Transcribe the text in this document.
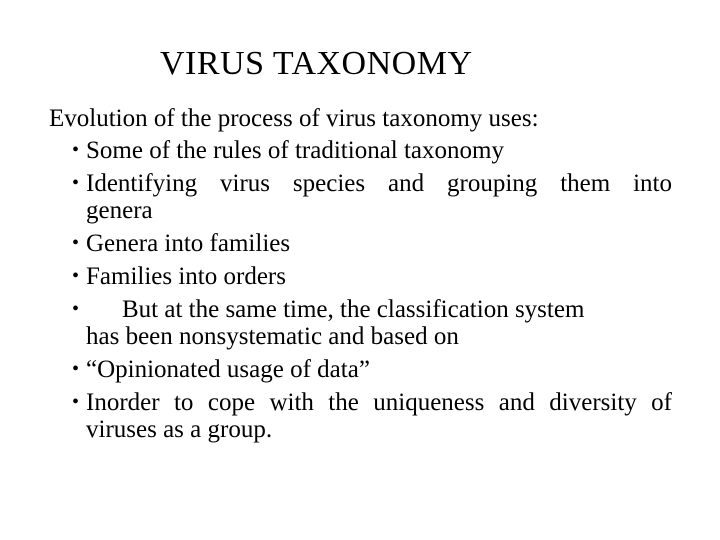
VIRUS TAXONOMY

Evolution of the process of virus taxonomy uses:

• Some of the rules of traditional taxonomy
• Identifying virus species and grouping them into
genera
• Genera into families
• Families into orders
•	But at the same time, the classification system
has been nonsystematic and based on
• “Opinionated usage of data”
• Inorder to cope with the uniqueness and diversity of
viruses as a group.
